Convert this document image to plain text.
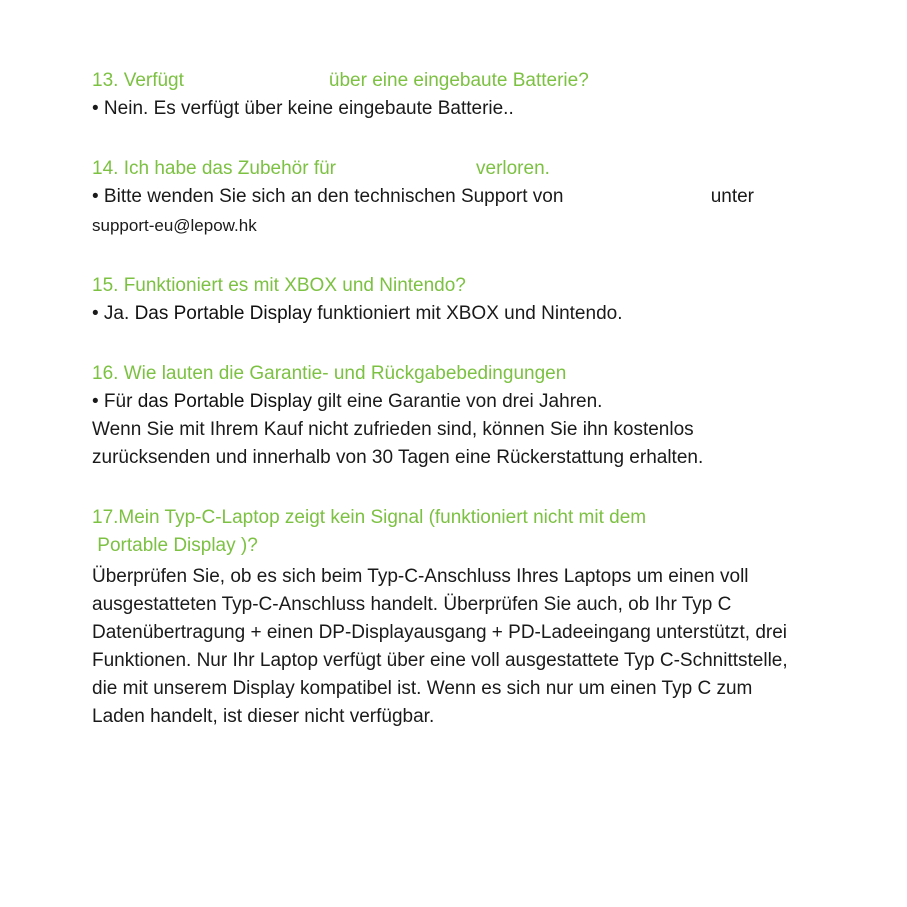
13. Verfügt	über eine eingebaute Batterie?
• Nein. Es verfügt über keine eingebaute Batterie..
14. Ich habe das Zubehör für	verloren.
• Bitte wenden Sie sich an den technischen Support von	unter
support-eu@lepow.hk
15. Funktioniert es mit XBOX und Nintendo?
• Ja. Das Portable Display funktioniert mit XBOX und Nintendo.
16. Wie lauten die Garantie- und Rückgabebedingungen
• Für das Portable Display gilt eine Garantie von drei Jahren.
Wenn Sie mit Ihrem Kauf nicht zufrieden sind, können Sie ihn kostenlos zurücksenden und innerhalb von 30 Tagen eine Rückerstattung erhalten.
17.Mein Typ-C-Laptop zeigt kein Signal (funktioniert nicht mit dem
Portable Display )?
Überprüfen Sie, ob es sich beim Typ-C-Anschluss Ihres Laptops um einen voll ausgestatteten Typ-C-Anschluss handelt. Überprüfen Sie auch, ob Ihr Typ C Datenübertragung + einen DP-Displayausgang + PD-Ladeeingang unterstützt, drei Funktionen. Nur Ihr Laptop verfügt über eine voll ausgestattete Typ C-Schnittstelle, die mit unserem Display kompatibel ist. Wenn es sich nur um einen Typ C zum Laden handelt, ist dieser nicht verfügbar.
